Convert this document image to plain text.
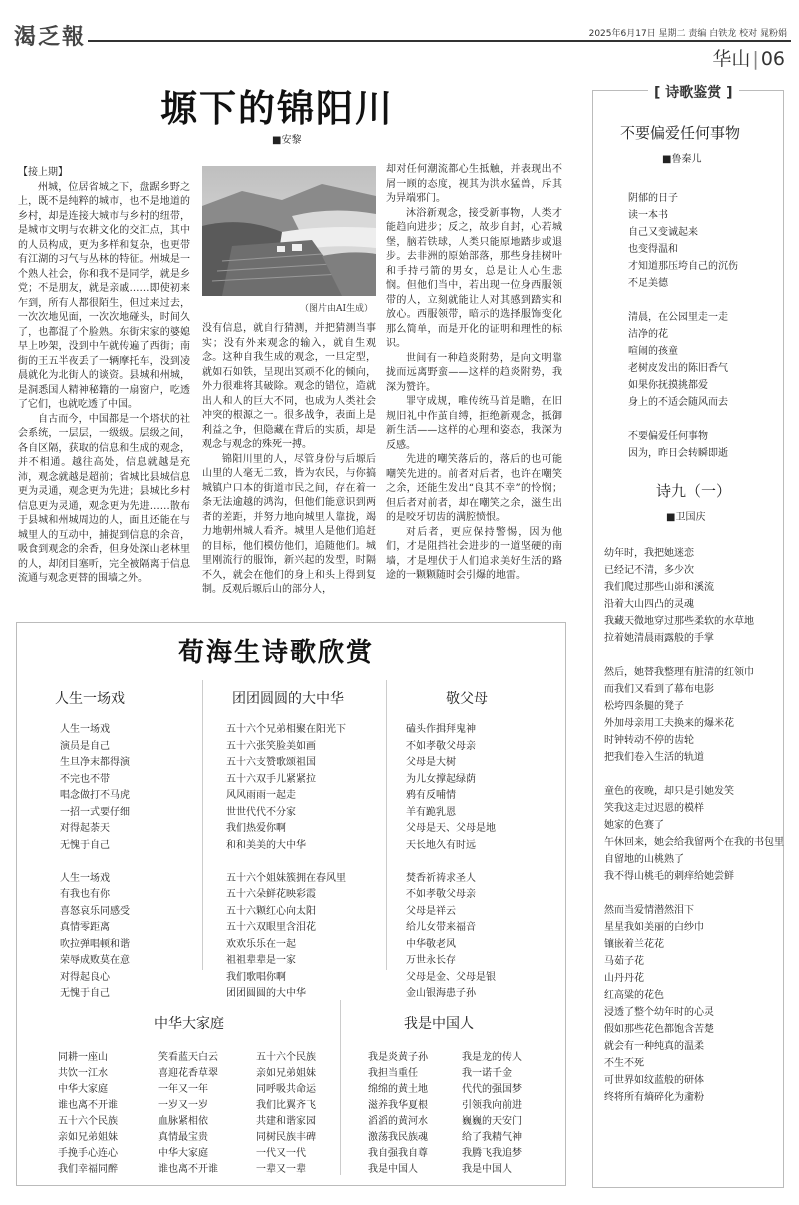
渴乏報	2025年6月17日 星期二 责编 白铁龙 校对 晁粉娟
华山 | 06
塬下的锦阳川
■安黎

【接上期】

州城，位居省城之下，盘踞乡野之上，既不是纯粹的城市，也不是地道的乡村，却是连接大城市与乡村的纽带，是城市文明与农耕文化的交汇点，其中的人员构成，更为多样和复杂，也更带有江湖的习气与丛林的特征。州城是一个熟人社会，你和我不是同学，就是乡党；不是朋友，就是亲戚……即使初来乍到，所有人都很陌生，但过来过去，一次次地见面，一次次地碰头，时间久了，也都混了个脸熟。东街宋家的婆媳早上吵架，没到中午就传遍了西街；南街的王五半夜丢了一辆摩托车，没到凌晨就化为北街人的谈资。县城和州城，是洞悉国人精神秘籍的一扇窗户，吃透了它们，也就吃透了中国。

自古而今，中国都是一个塔状的社会系统，一层层，一级级。层级之间，各自区隔，获取的信息和生成的观念，并不相通。越往高处，信息就越是充沛，观念就越是超前；省城比县城信息更为灵通，观念更为先进；县城比乡村信息更为灵通，观念更为先进……散布于县城和州城周边的人，面且还能在与城里人的互动中，捕捉到信息的余音，吸食到观念的余香，但身处深山老林里的人，却闭目塞听，完全被隔离于信息流通与观念更替的围墙之外。

（图片由AI生成）

没有信息，就自行猜测，并把猜测当事实；没有外来观念的输入，就自生观念。这种自我生成的观念，一旦定型，就如石如铁，呈现出冥顽不化的倾向，外力很难将其破除。观念的错位，造就出人和人的巨大不同，也成为人类社会冲突的根源之一。很多战争，表面上是利益之争，但隐藏在背后的实质，却是观念与观念的殊死一搏。

锦阳川里的人，尽管身份与后塬后山里的人毫无二致，皆为农民，与你搞城镇户口本的街道市民之间，存在着一条无法逾越的鸿沟，但他们能意识到两者的差距，并努力地向城里人靠拢，竭力地朝州城人看齐。城里人是他们追赶的目标，他们模仿他们，追随他们。城里刚流行的服饰，新兴起的发型，时隔不久，就会在他们的身上和头上得到复制。反观后塬后山的部分人，

却对任何潮流都心生抵触，并表现出不屑一顾的态度，视其为洪水猛兽，斥其为异端邪门。

沐浴新观念，接受新事物，人类才能趋向进步；反之，故步自封，心若城堡，脑若铁球，人类只能原地踏步或退步。去非洲的原始部落，那些身挂树叶和手持弓箭的男女，总是让人心生悲悯。但他们当中，若出现一位身西服领带的人，立刻就能让人对其感到踏实和放心。西服领带，暗示的选择服饰变化那么简单，而是开化的证明和理性的标识。

世间有一种趋炎附势，是向文明靠拢而远离野蛮——这样的趋炎附势，我深为赞许。

罪守成规，唯传统马首是瞻，在旧规旧礼中作茧自缚，拒绝新观念，抵御新生活——这样的心理和姿态，我深为反感。

先进的嘲笑落后的，落后的也可能嘲笑先进的。前者对后者，也许在嘲笑之余，还能生发出“良其不幸”的怜悯；但后者对前者，却在嘲笑之余，滋生出的是咬牙切齿的满腔愤恨。

对后者，更应保持警惕，因为他们，才是阻挡社会进步的一道坚硬的南墙，才是埋伏于人们追求美好生活的路途的一颗颗随时会引爆的地雷。

[ 诗歌鉴赏 ]
不要偏爱任何事物
■鲁秦儿
阴郁的日子
读一本书
自己又变诚起来
也变得温和
才知道那压垮自己的沉伤
不足美德

清晨，在公园里走一走
洁净的花
喧闹的孩童
老树皮发出的陈旧香气
如果你抚摸挑都爱
身上的不适会随风而去

不要偏爱任何事物
因为，昨日会转瞬即逝
诗九（一）
■卫国庆
幼年时，我把她迷恋
已经记不清，多少次
我们爬过那些山峁和溪流
沿着大山四凸的灵魂
我藏天微地穿过那些柔软的水草地
拉着她清晨雨露般的手掌

然后，她替我整理有脏清的红领巾
而我们又看到了幕布电影
松垮四条腿的凳子
外加母亲用工夫换来的爆米花
时钟转动不停的齿轮
把我们卷入生活的轨道

童色的夜晚，却只是引她发笑
笑我这走过迟恩的模样
她家的色赛了
午休回来，她会给我留两个在我的书包里
自留地的山桃熟了
我不得山桃毛的刺痒给她尝鲜

然而当爱情潜然泪下
星星我如美丽的白纱巾
镶嵌着兰花花
马茹子花
山丹丹花
红高粱的花色
浸透了整个幼年时的心灵
假如那些花色都饱含苦楚
就会有一种纯真的温柔
不生不死
可世界如纹蓝般的研体
终将所有熵碎化为齑粉
荀海生诗歌欣赏
人生一场戏
人生一场戏
演员是自己
生旦净末都得演
不完也不带
唱念做打不马虎
一招一式要仔细
对得起荼天
无愧于自己

人生一场戏
有我也有你
喜怒哀乐同感受
真情零距离
吹拉弹唱顿和谐
荣辱成败莫在意
对得起良心
无愧于自己
团团圆圆的大中华
五十六个兄弟相聚在阳光下
五十六张笑脸美如画
五十六支赞歌颂祖国
五十六双手儿紧紧拉
风风雨雨一起走
世世代代不分家
我们热爱你啊
和和美美的大中华

五十六个姐妹簇拥在春风里
五十六朵鲜花映彩霞
五十六颗红心向太阳
五十六双眼里含泪花
欢欢乐乐在一起
祖祖辈辈是一家
我们歌唱你啊
团团圆圆的大中华
敬父母
磕头作揖拜鬼神
不如孝敬父母亲
父母是大树
为儿女撑起绿荫
鸦有反哺情
羊有跪乳恩
父母是天、父母是地
天长地久有时远

焚香祈祷求圣人
不如孝敬父母亲
父母是祥云
给儿女带来福音
中华敬老风
万世永长存
父母是金、父母是银
金山银海患子孙
中华大家庭
同耕一座山
共饮一江水
中华大家庭
谁也离不开谁
五十六个民族
亲如兄弟姐妹
手挽手心连心
我们幸福同醉
笑看蓝天白云
喜迎花香草翠
一年又一年
一岁又一岁
血脉紧相依
真情最宝贵
中华大家庭
谁也离不开谁
五十六个民族
亲如兄弟姐妹
同呼吸共命运
我们比翼齐飞
共建和谐家园
同树民族丰碑
一代又一代
一辈又一辈
我是中国人
我是炎黄子孙
我担当重任
绵绵的黄土地
滋养我华夏根
滔滔的黄河水
激荡我民族魂
我自强我自尊
我是中国人
我是龙的传人
我一诺千金
代代的强国梦
引领我向前进
巍巍的天安门
给了我精气神
我腾飞我追梦
我是中国人
